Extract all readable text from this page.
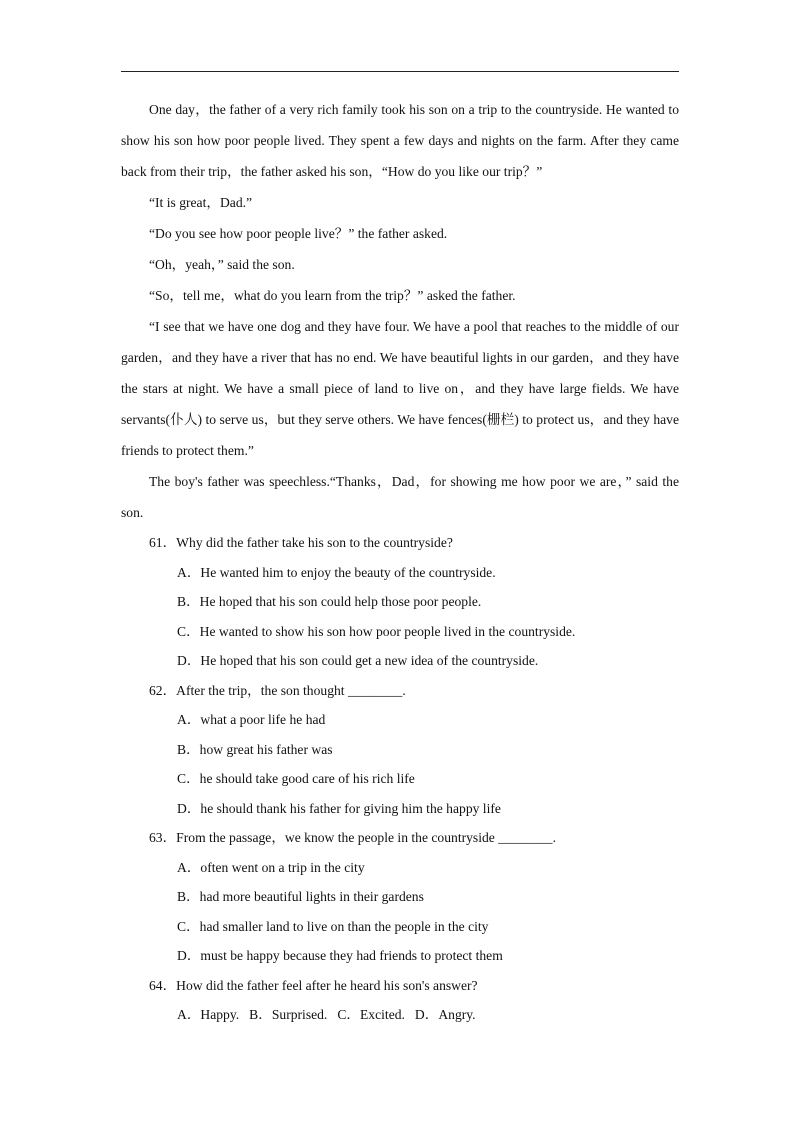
One day，the father of a very rich family took his son on a trip to the countryside. He wanted to show his son how poor people lived. They spent a few days and nights on the farm. After they came back from their trip，the father asked his son，“How do you like our trip？”

“It is great，Dad.”

“Do you see how poor people live？” the father asked.

“Oh，yeah，” said the son.

“So，tell me，what do you learn from the trip？” asked the father.

“I see that we have one dog and they have four. We have a pool that reaches to the middle of our garden，and they have a river that has no end. We have beautiful lights in our garden，and they have the stars at night. We have a small piece of land to live on，and they have large fields. We have servants(仆人) to serve us，but they serve others. We have fences(栅栏) to protect us，and they have friends to protect them.”

The boy's father was speechless.“Thanks，Dad，for showing me how poor we are，” said the son.

61．Why did the father take his son to the countryside?

A．He wanted him to enjoy the beauty of the countryside.

B．He hoped that his son could help those poor people.

C．He wanted to show his son how poor people lived in the countryside.

D．He hoped that his son could get a new idea of the countryside.

62．After the trip，the son thought ________.

A．what a poor life he had

B．how great his father was

C．he should take good care of his rich life

D．he should thank his father for giving him the happy life

63．From the passage，we know the people in the countryside ________.

A．often went on a trip in the city

B．had more beautiful lights in their gardens

C．had smaller land to live on than the people in the city

D．must be happy because they had friends to protect them

64．How did the father feel after he heard his son's answer?

A．Happy. B．Surprised. C．Excited. D．Angry.
